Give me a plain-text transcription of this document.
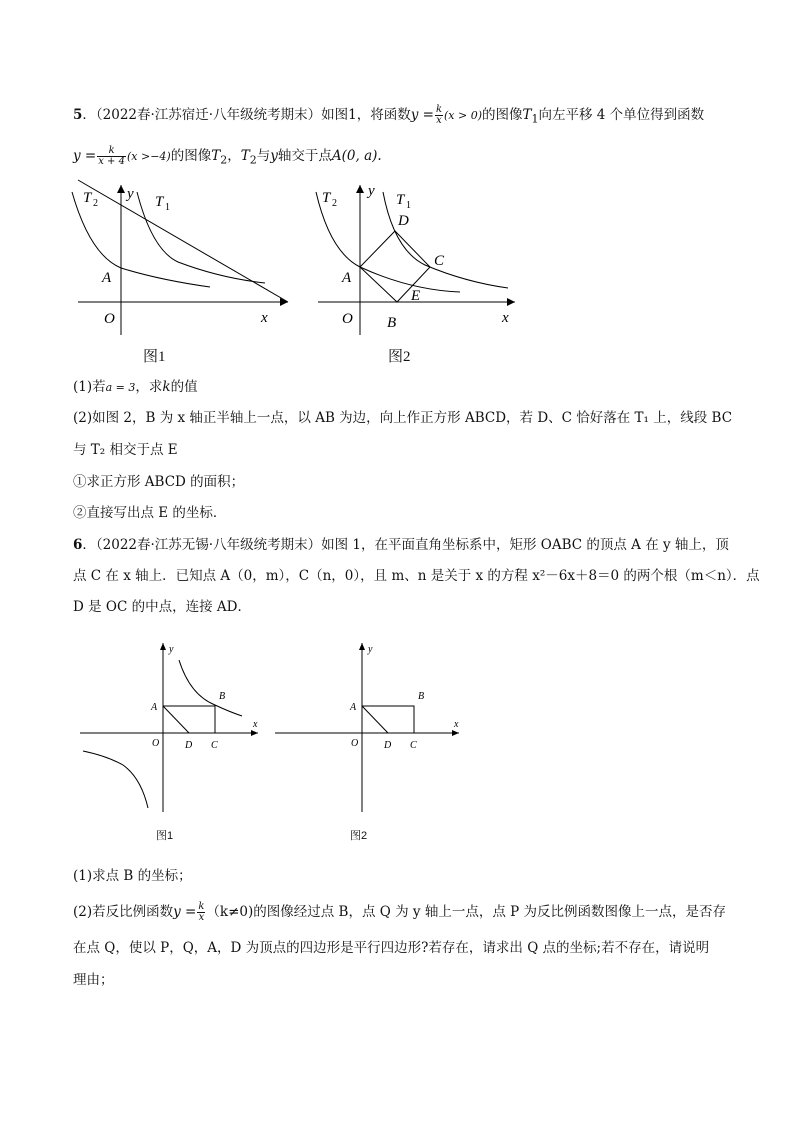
5．（2022春·江苏宿迁·八年级统考期末）如图1，将函数$y = \frac{k}{x} (x > 0)$的图像$T_1$向左平移 4 个单位得到函数
$y = \frac{k}{x + 4} (x >-4)$的图像$T_2$，$T_2$与y轴交于点A(0, a).
T 2	T 1
y
x
O
A
图1
T 2	T 1
y
x
O
A
B
C
D
E
图2
(1)若a = 3，求k的值
(2)如图 2，B 为 x 轴正半轴上一点，以 AB 为边，向上作正方形 ABCD，若 D、C 恰好落在 T₁ 上，线段 BC
与 T₂ 相交于点 E
①求正方形 ABCD 的面积；
②直接写出点 E 的坐标．
6．（2022春·江苏无锡·八年级统考期末）如图 1，在平面直角坐标系中，矩形 OABC 的顶点 A 在 y 轴上，顶
点 C 在 x 轴上．已知点 A（0，m），C（n，0），且 m、n 是关于 x 的方程 x²－6x＋8＝0 的两个根（m＜n）．点
D 是 OC 的中点，连接 AD．
y
x
O
A
B
C
D
图1
y
x
O
A
B
C
D
图2
(1)求点 B 的坐标；
(2)若反比例函数$y = \frac{k}{x} (k\ne 0)$的图像经过点 B，点 Q 为 y 轴上一点，点 P 为反比例函数图像上一点，是否存
在点 Q，使以 P，Q，A，D 为顶点的四边形是平行四边形?若存在，请求出 Q 点的坐标;若不存在，请说明
理由；
